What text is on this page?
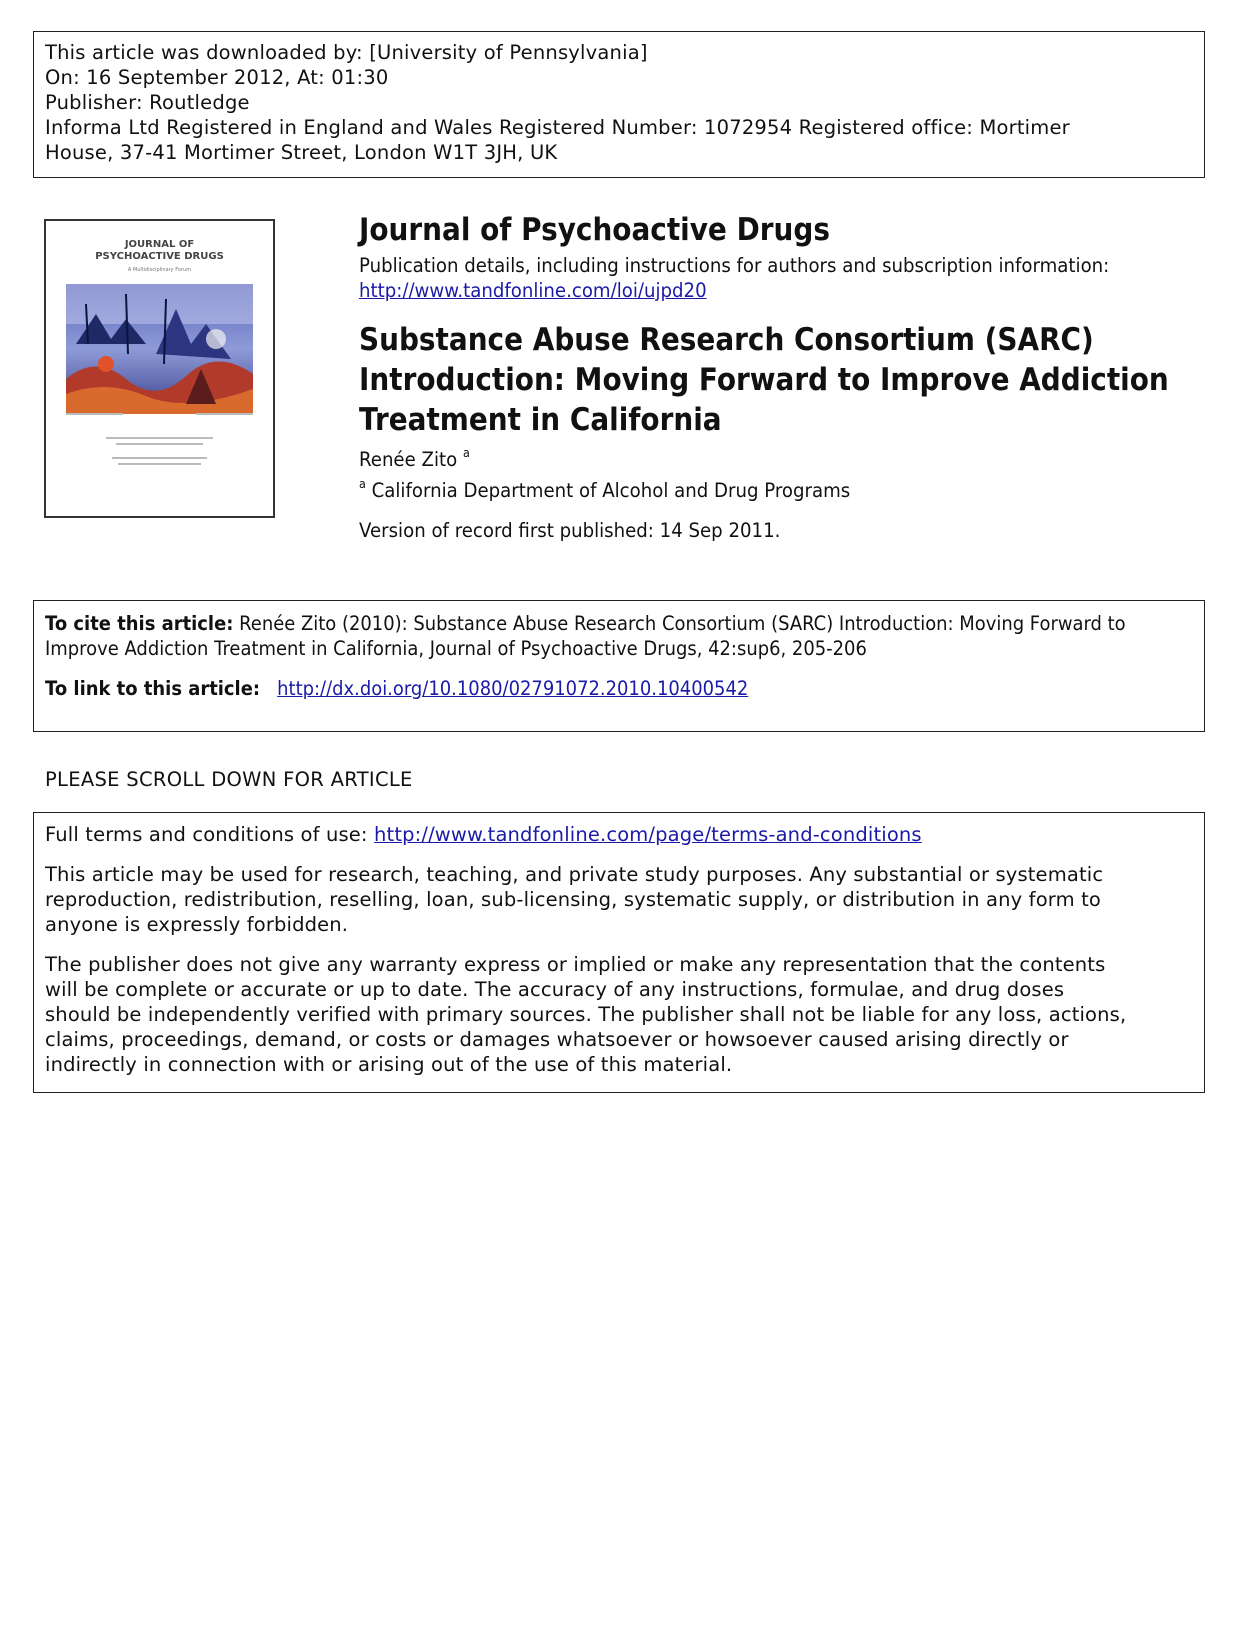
This article was downloaded by: [University of Pennsylvania]
On: 16 September 2012, At: 01:30
Publisher: Routledge
Informa Ltd Registered in England and Wales Registered Number: 1072954 Registered office: Mortimer
House, 37-41 Mortimer Street, London W1T 3JH, UK
JOURNAL OF
PSYCHOACTIVE DRUGS
A Multidisciplinary Forum
Journal of Psychoactive Drugs
Publication details, including instructions for authors and subscription information:
http://www.tandfonline.com/loi/ujpd20
Substance Abuse Research Consortium (SARC)
Introduction: Moving Forward to Improve Addiction
Treatment in California
Renée Zito $^a$
$^a$ California Department of Alcohol and Drug Programs
Version of record first published: 14 Sep 2011.
To cite this article: Renée Zito (2010): Substance Abuse Research Consortium (SARC) Introduction: Moving Forward to
Improve Addiction Treatment in California, Journal of Psychoactive Drugs, 42:sup6, 205-206
To link to this article: http://dx.doi.org/10.1080/02791072.2010.10400542
PLEASE SCROLL DOWN FOR ARTICLE

Full terms and conditions of use: http://www.tandfonline.com/page/terms-and-conditions

This article may be used for research, teaching, and private study purposes. Any substantial or systematic
reproduction, redistribution, reselling, loan, sub-licensing, systematic supply, or distribution in any form to
anyone is expressly forbidden.

The publisher does not give any warranty express or implied or make any representation that the contents
will be complete or accurate or up to date. The accuracy of any instructions, formulae, and drug doses
should be independently verified with primary sources. The publisher shall not be liable for any loss, actions,
claims, proceedings, demand, or costs or damages whatsoever or howsoever caused arising directly or
indirectly in connection with or arising out of the use of this material.
